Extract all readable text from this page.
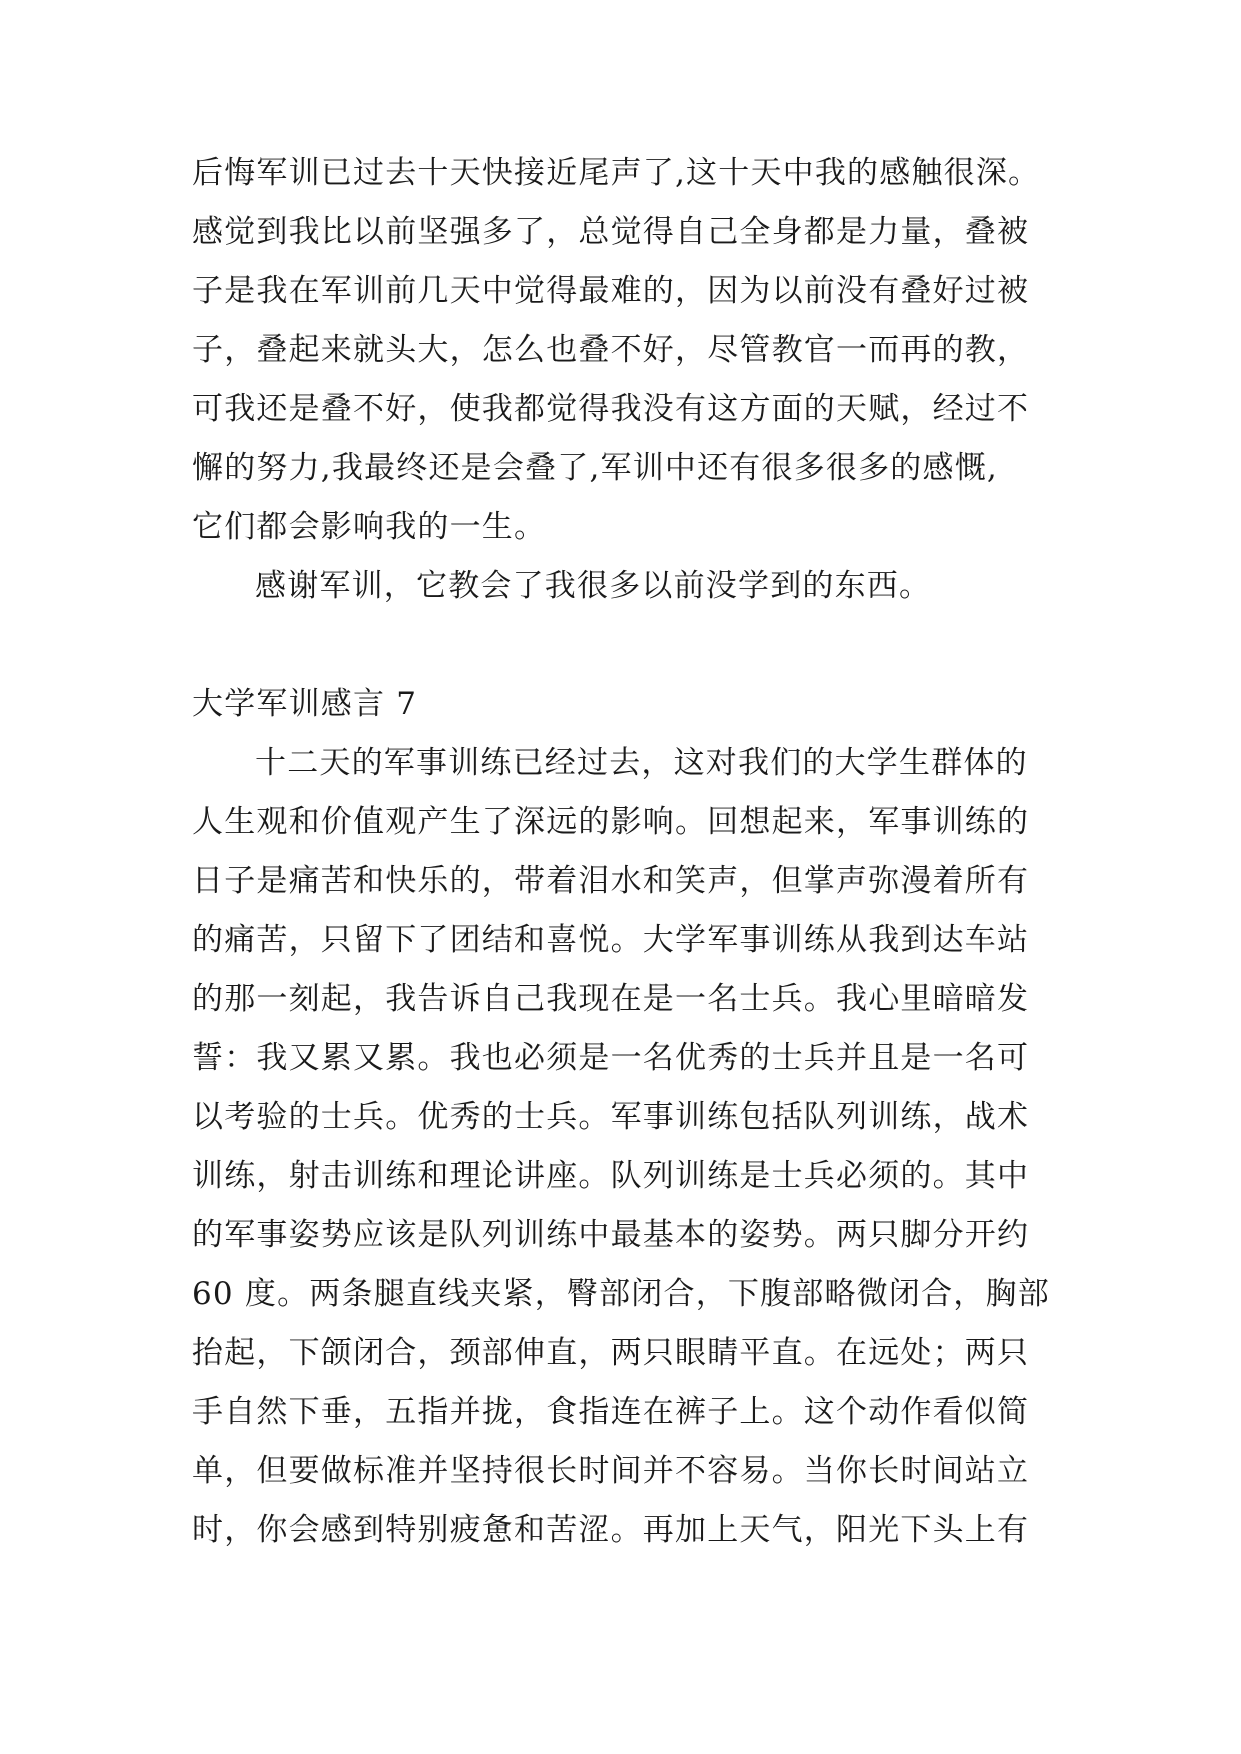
后悔军训已过去十天快接近尾声了,这十天中我的感触很深。
感觉到我比以前坚强多了，总觉得自己全身都是力量，叠被
子是我在军训前几天中觉得最难的，因为以前没有叠好过被
子，叠起来就头大，怎么也叠不好，尽管教官一而再的教，
可我还是叠不好，使我都觉得我没有这方面的天赋，经过不
懈的努力,我最终还是会叠了,军训中还有很多很多的感慨,
它们都会影响我的一生。
感谢军训，它教会了我很多以前没学到的东西。
大学军训感言 7
十二天的军事训练已经过去，这对我们的大学生群体的
人生观和价值观产生了深远的影响。回想起来，军事训练的
日子是痛苦和快乐的，带着泪水和笑声，但掌声弥漫着所有
的痛苦，只留下了团结和喜悦。大学军事训练从我到达车站
的那一刻起，我告诉自己我现在是一名士兵。我心里暗暗发
誓：我又累又累。我也必须是一名优秀的士兵并且是一名可
以考验的士兵。优秀的士兵。军事训练包括队列训练，战术
训练，射击训练和理论讲座。队列训练是士兵必须的。其中
的军事姿势应该是队列训练中最基本的姿势。两只脚分开约
60 度。两条腿直线夹紧，臀部闭合，下腹部略微闭合，胸部
抬起，下颌闭合，颈部伸直，两只眼睛平直。在远处；两只
手自然下垂，五指并拢，食指连在裤子上。这个动作看似简
单，但要做标准并坚持很长时间并不容易。当你长时间站立
时，你会感到特别疲惫和苦涩。再加上天气，阳光下头上有
